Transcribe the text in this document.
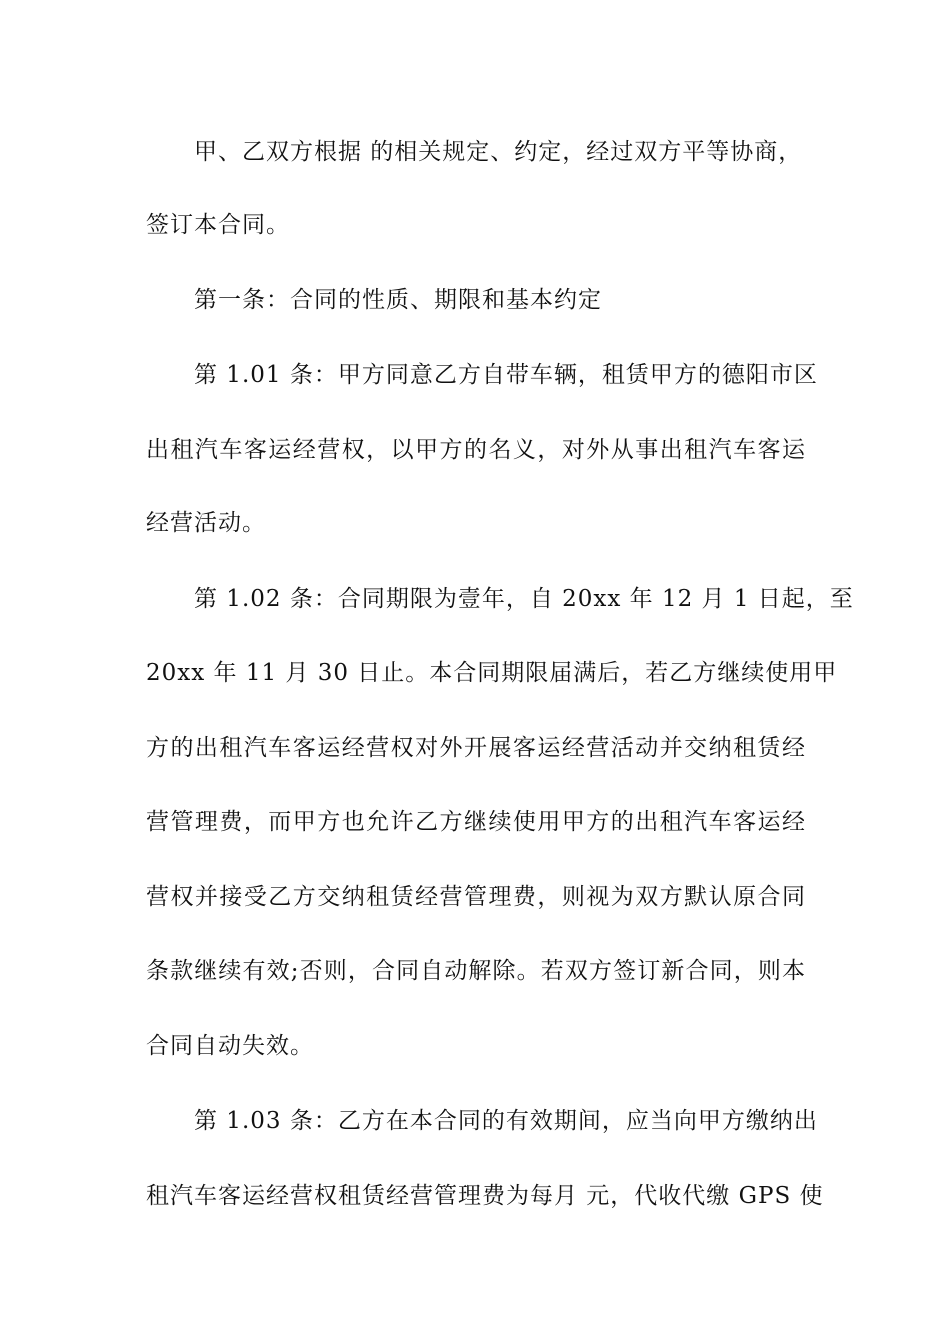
甲、乙双方根据 的相关规定、约定，经过双方平等协商，
签订本合同。
第一条：合同的性质、期限和基本约定
第 1.01 条：甲方同意乙方自带车辆，租赁甲方的德阳市区
出租汽车客运经营权，以甲方的名义，对外从事出租汽车客运
经营活动。
第 1.02 条：合同期限为壹年，自 20xx 年 12 月 1 日起，至
20xx 年 11 月 30 日止。本合同期限届满后，若乙方继续使用甲
方的出租汽车客运经营权对外开展客运经营活动并交纳租赁经
营管理费，而甲方也允许乙方继续使用甲方的出租汽车客运经
营权并接受乙方交纳租赁经营管理费，则视为双方默认原合同
条款继续有效;否则，合同自动解除。若双方签订新合同，则本
合同自动失效。
第 1.03 条：乙方在本合同的有效期间，应当向甲方缴纳出
租汽车客运经营权租赁经营管理费为每月 元，代收代缴 GPS 使
